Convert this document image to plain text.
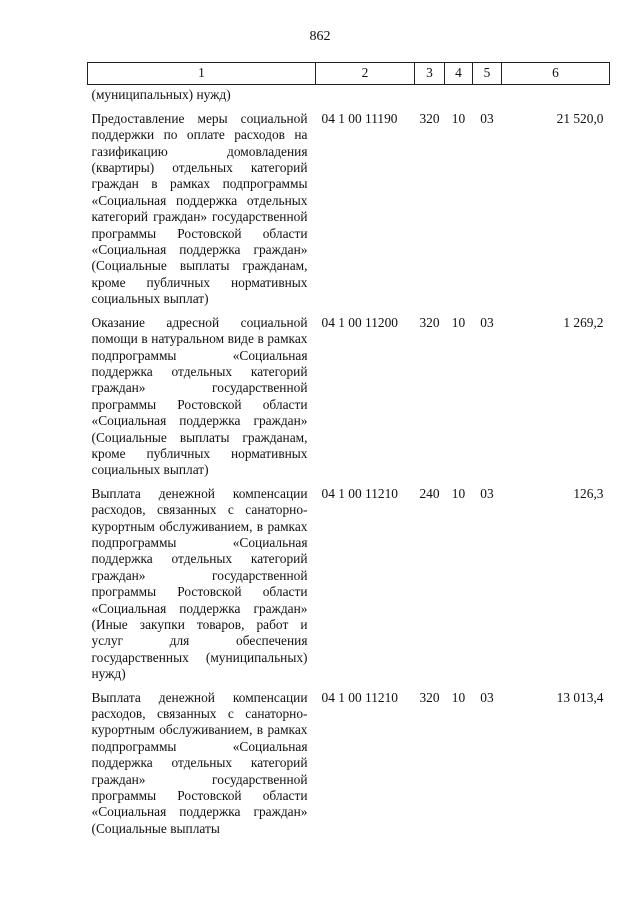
862
1	2	3	4	5	6
(муниципальных) нужд)					
Предоставление меры социальной поддержки по оплате расходов на газификацию домовладения (квартиры) отдельных категорий граждан в рамках подпрограммы «Социальная поддержка отдельных категорий граждан» государственной программы Ростовской области «Социальная поддержка граждан» (Социальные выплаты гражданам, кроме публичных нормативных социальных выплат)	04 1 00 11190	320	10	03	21 520,0
Оказание адресной социальной помощи в натуральном виде в рамках подпрограммы «Социальная поддержка отдельных категорий граждан» государственной программы Ростовской области «Социальная поддержка граждан» (Социальные выплаты гражданам, кроме публичных нормативных социальных выплат)	04 1 00 11200	320	10	03	1 269,2
Выплата денежной компенсации расходов, связанных с санаторно-курортным обслуживанием, в рамках подпрограммы «Социальная поддержка отдельных категорий граждан» государственной программы Ростовской области «Социальная поддержка граждан» (Иные закупки товаров, работ и услуг для обеспечения государственных (муниципальных) нужд)	04 1 00 11210	240	10	03	126,3
Выплата денежной компенсации расходов, связанных с санаторно-курортным обслуживанием, в рамках подпрограммы «Социальная поддержка отдельных категорий граждан» государственной программы Ростовской области «Социальная поддержка граждан» (Социальные выплаты	04 1 00 11210	320	10	03	13 013,4
